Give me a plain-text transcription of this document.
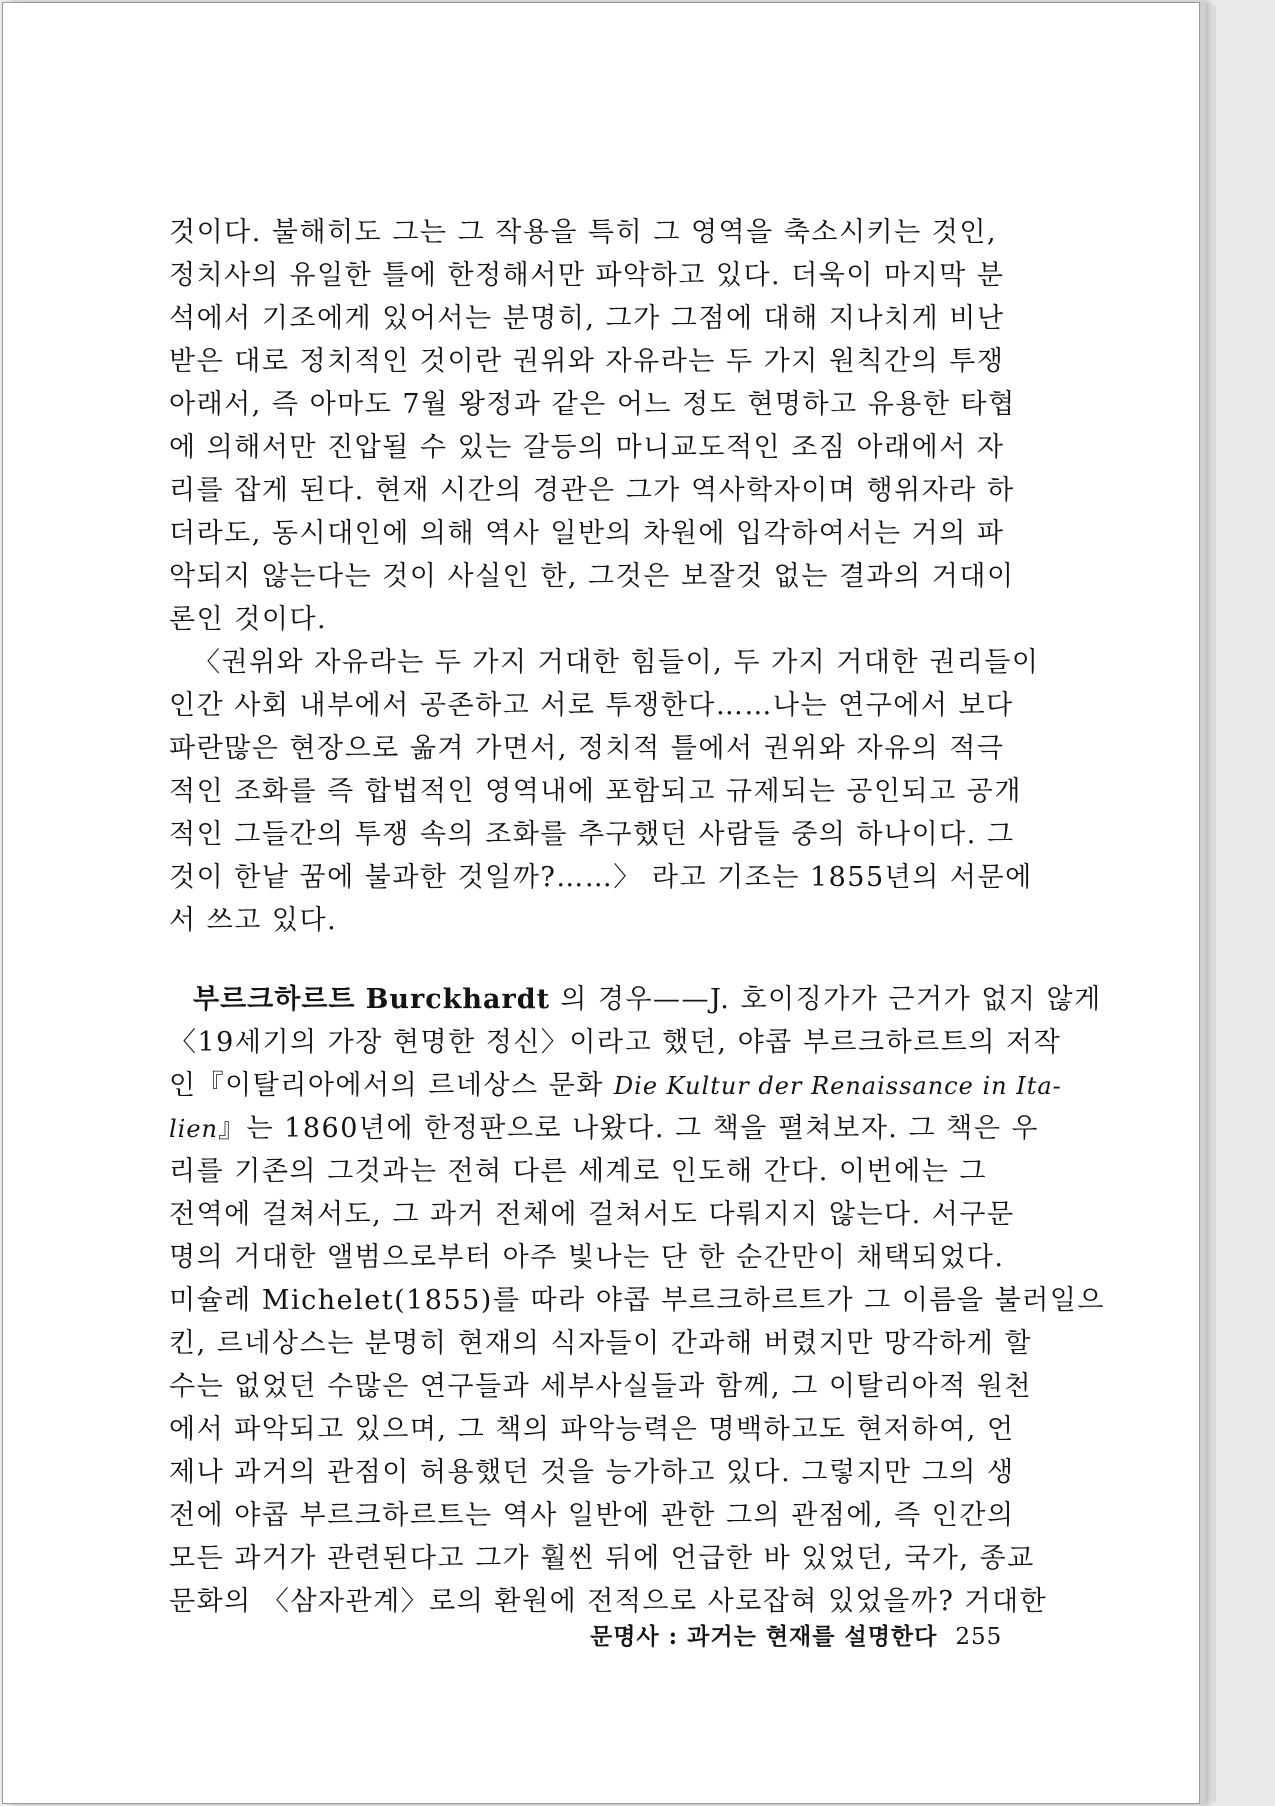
것이다. 불해히도 그는 그 작용을 특히 그 영역을 축소시키는 것인,
정치사의 유일한 틀에 한정해서만 파악하고 있다. 더욱이 마지막 분
석에서 기조에게 있어서는 분명히, 그가 그점에 대해 지나치게 비난
받은 대로 정치적인 것이란 권위와 자유라는 두 가지 원칙간의 투쟁
아래서, 즉 아마도 7월 왕정과 같은 어느 정도 현명하고 유용한 타협
에 의해서만 진압될 수 있는 갈등의 마니교도적인 조짐 아래에서 자
리를 잡게 된다. 현재 시간의 경관은 그가 역사학자이며 행위자라 하
더라도, 동시대인에 의해 역사 일반의 차원에 입각하여서는 거의 파
악되지 않는다는 것이 사실인 한, 그것은 보잘것 없는 결과의 거대이
론인 것이다.
〈권위와 자유라는 두 가지 거대한 힘들이, 두 가지 거대한 권리들이
인간 사회 내부에서 공존하고 서로 투쟁한다……나는 연구에서 보다
파란많은 현장으로 옮겨 가면서, 정치적 틀에서 권위와 자유의 적극
적인 조화를 즉 합법적인 영역내에 포함되고 규제되는 공인되고 공개
적인 그들간의 투쟁 속의 조화를 추구했던 사람들 중의 하나이다. 그
것이 한낱 꿈에 불과한 것일까?……〉 라고 기조는 1855년의 서문에
서 쓰고 있다.
부르크하르트 Burckhardt 의 경우——J. 호이징가가 근거가 없지 않게
〈19세기의 가장 현명한 정신〉이라고 했던, 야콥 부르크하르트의 저작
인『이탈리아에서의 르네상스 문화 Die Kultur der Renaissance in Ita-
lien』는 1860년에 한정판으로 나왔다. 그 책을 펼쳐보자. 그 책은 우
리를 기존의 그것과는 전혀 다른 세계로 인도해 간다. 이번에는 그
전역에 걸쳐서도, 그 과거 전체에 걸쳐서도 다뤄지지 않는다. 서구문
명의 거대한 앨범으로부터 아주 빛나는 단 한 순간만이 채택되었다.
미슐레 Michelet(1855)를 따라 야콥 부르크하르트가 그 이름을 불러일으
킨, 르네상스는 분명히 현재의 식자들이 간과해 버렸지만 망각하게 할
수는 없었던 수많은 연구들과 세부사실들과 함께, 그 이탈리아적 원천
에서 파악되고 있으며, 그 책의 파악능력은 명백하고도 현저하여, 언
제나 과거의 관점이 허용했던 것을 능가하고 있다. 그렇지만 그의 생
전에 야콥 부르크하르트는 역사 일반에 관한 그의 관점에, 즉 인간의
모든 과거가 관련된다고 그가 훨씬 뒤에 언급한 바 있었던, 국가, 종교
문화의 〈삼자관계〉로의 환원에 전적으로 사로잡혀 있었을까? 거대한
문명사 : 과거는 현재를 설명한다 255
